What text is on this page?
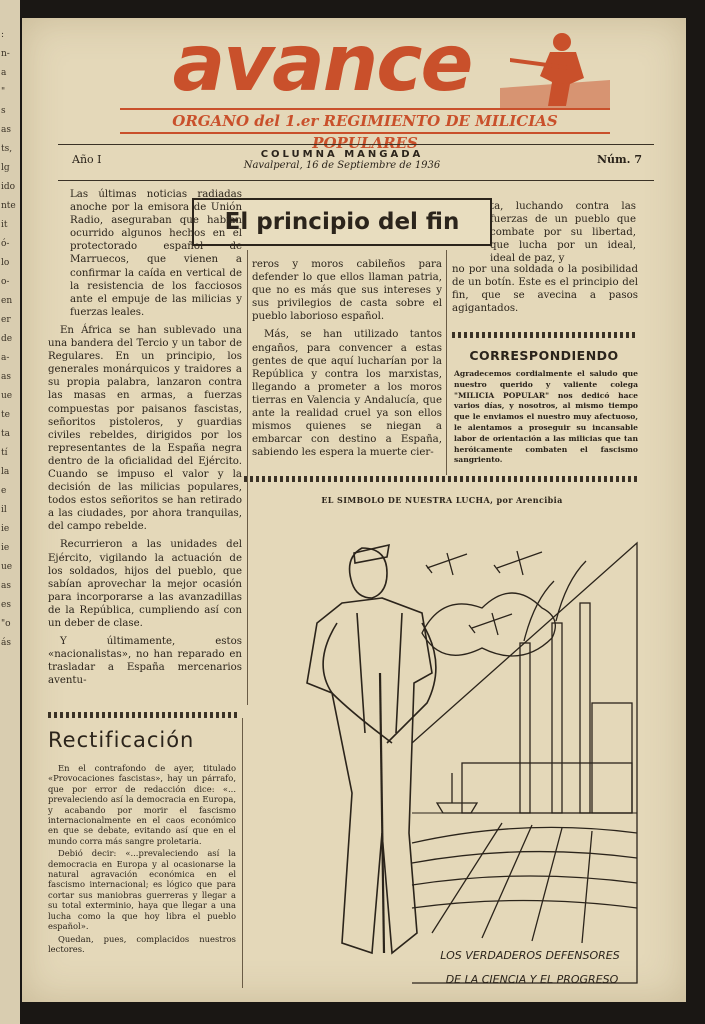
:
n-
a
"
s
as
ts,
lg
ido
nte
it
ó-
lo
o-
en
er
de
a-
as
ue
te
ta
tí
la
e
il
ie
ie
ue
as
es
"o
ás
avance
ORGANO del 1.er REGIMIENTO DE MILICIAS POPULARES
Año I	COLUMNA MANGADA
Navalperal, 16 de Septiembre de 1936	Núm. 7
El principio del fin

Las últimas noticias radiadas anoche por la emisora de Unión Radio, aseguraban que habían ocurrido algunos hechos en el protectorado español de Marruecos, que vienen a confirmar la caída en vertical de la resistencia de los facciosos ante el empuje de las milicias y fuerzas leales.

En África se han sublevado una una bandera del Tercio y un tabor de Regulares. En un principio, los generales monárquicos y traidores a su propia palabra, lanzaron contra las masas en armas, a fuerzas compuestas por paisanos fascistas, señoritos pistoleros, y guardias civiles rebeldes, dirigidos por los representantes de la España negra dentro de la oficialidad del Ejército. Cuando se impuso el valor y la decisión de las milicias populares, todos estos señoritos se han retirado a las ciudades, por ahora tranquilas, del campo rebelde.

Recurrieron a las unidades del Ejército, vigilando la actuación de los soldados, hijos del pueblo, que sabían aprovechar la mejor ocasión para incorporarse a las avanzadillas de la República, cumpliendo así con un deber de clase.

Y últimamente, estos «nacionalistas», no han reparado en trasladar a España mercenarios aventu-

reros y moros cabileños para defender lo que ellos llaman patria, que no es más que sus intereses y sus privilegios de casta sobre el pueblo laborioso español.

Más, se han utilizado tantos engaños, para convencer a estas gentes de que aquí lucharían por la República y contra los marxistas, llegando a prometer a los moros tierras en Valencia y Andalucía, que ante la realidad cruel ya son ellos mismos quienes se niegan a embarcar con destino a España, sabiendo les espera la muerte cier-

ta, luchando contra las fuerzas de un pueblo que combate por su libertad, que lucha por un ideal, ideal de paz, y
no por una soldada o la posibilidad de un botín. Este es el principio del fin, que se avecina a pasos agigantados.
CORRESPONDIENDO
Agradecemos cordialmente el saludo que nuestro querido y valiente colega "MILICIA POPULAR" nos dedicó hace varios días, y nosotros, al mismo tiempo que le enviamos el nuestro muy afectuoso, le alentamos a proseguir su incansable labor de orientación a las milicias que tan heróicamente combaten el fascismo sangriento.
Rectificación

En el contrafondo de ayer, titulado «Provocaciones fascistas», hay un párrafo, que por error de redacción dice: «... prevaleciendo así la democracia en Europa, y acabando por morir el fascismo internacionalmente en el caos económico en que se debate, evitando así que en el mundo corra más sangre proletaria.

Debió decir: «...prevaleciendo así la democracia en Europa y al ocasionarse la natural agravación económica en el fascismo internacional; es lógico que para cortar sus maniobras guerreras y llegar a su total exterminio, haya que llegar a una lucha como la que hoy libra el pueblo español».

Quedan, pues, complacidos nuestros lectores.

EL SIMBOLO DE NUESTRA LUCHA, por Arencibia
LOS VERDADEROS DEFENSORES
DE LA CIENCIA Y EL PROGRESO
